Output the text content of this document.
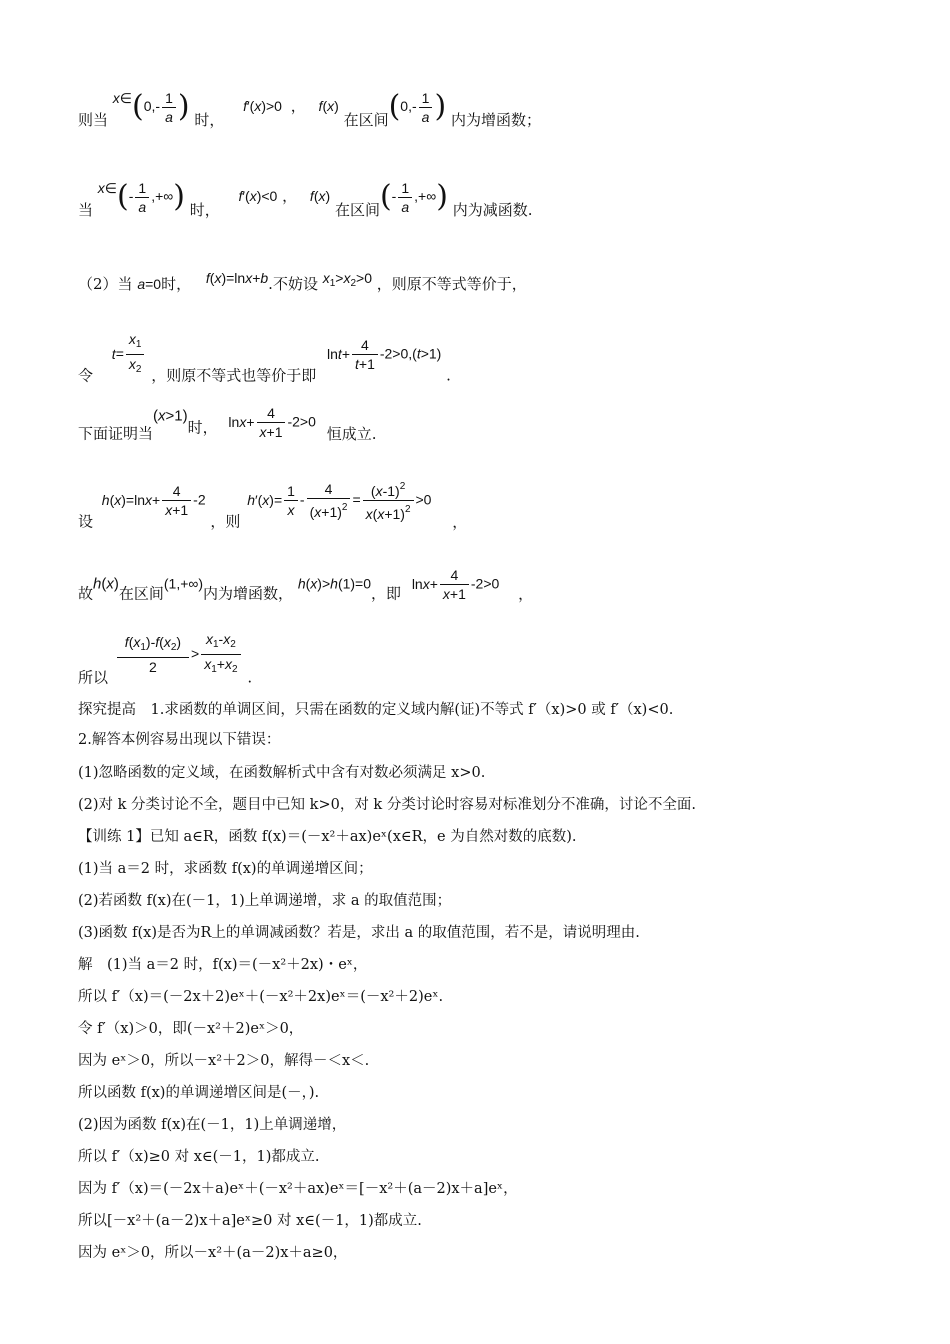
则当 x∈(0,- $\frac{1}{a}$ ) 时， f′(x)>0 ， f(x) 在区间($0,- \frac{1}{a}$ ) 内为增函数；
当 x∈(- $\frac{1}{a}$ ,+∞) 时， f′(x)<0 ， f(x) 在区间(- $\frac{1}{a}$ ,+∞) 内为减函数.
（2）当 a=0时， f(x)=lnx+b.不妨设 $x_1>x_2>0$ ，则原不等式等价于，
令 $t= \frac{x_1}{x_2}$ ，则原不等式也等价于即 $\ln t+ \frac{4}{t+1} -2>0,(t>1)$ .
下面证明当(x>1)时， $\ln x+ \frac{4}{x+1} -2>0$ 恒成立.
设 $h(x)=\ln x+ \frac{4}{x+1} -2$ ，则 $h'(x)= \frac{1}{x} - \frac{4}{(x+1)^2} = \frac{(x-1)^2}{x(x+1)^2} >0$ ，
故h(x)在区间(1,+∞)内为增函数， h(x)>h(1)=0，即 $\ln x+ \frac{4}{x+1} -2>0$ ，
所以
$\frac{f(x_1)-f(x_2)}{2} > \frac{x_1-x_2}{x_1+x_2}$ .
探究提高　1.求函数的单调区间，只需在函数的定义域内解(证)不等式 f′（x)>0 或 f′（x)<0.
2.解答本例容易出现以下错误：
(1)忽略函数的定义域，在函数解析式中含有对数必须满足 x>0.
(2)对 k 分类讨论不全，题目中已知 k>0，对 k 分类讨论时容易对标准划分不准确，讨论不全面.
【训练 1】已知 a∈R，函数 f(x)＝(－x²＋ax)eˣ(x∈R，e 为自然对数的底数).
(1)当 a＝2 时，求函数 f(x)的单调递增区间；
(2)若函数 f(x)在(－1，1)上单调递增，求 a 的取值范围；
(3)函数 f(x)是否为R上的单调减函数？若是，求出 a 的取值范围，若不是，请说明理由.
解　(1)当 a＝2 时，f(x)＝(－x²＋2x)・eˣ，
所以 f′（x)＝(－2x＋2)eˣ＋(－x²＋2x)eˣ＝(－x²＋2)eˣ.
令 f′（x)＞0，即(－x²＋2)eˣ＞0，
因为 eˣ＞0，所以－x²＋2＞0，解得－＜x＜.
所以函数 f(x)的单调递增区间是(－，).
(2)因为函数 f(x)在(－1，1)上单调递增，
所以 f′（x)≥0 对 x∈(－1，1)都成立.
因为 f′（x)＝(－2x＋a)eˣ＋(－x²＋ax)eˣ＝[－x²＋(a－2)x＋a]eˣ，
所以[－x²＋(a－2)x＋a]eˣ≥0 对 x∈(－1，1)都成立.
因为 eˣ＞0，所以－x²＋(a－2)x＋a≥0，
